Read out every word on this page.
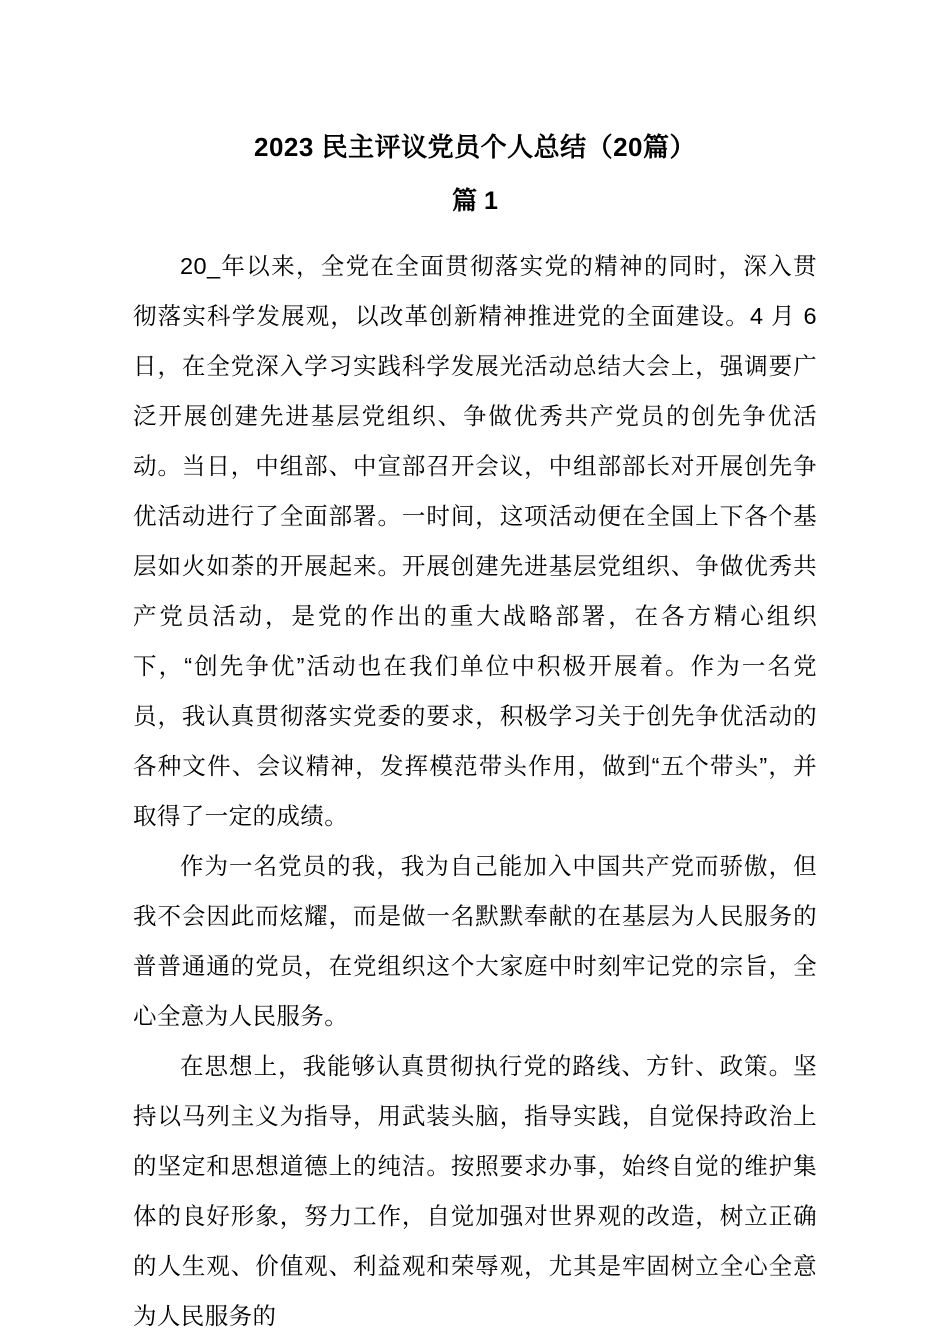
2023 民主评议党员个人总结（20篇）
篇 1

20_年以来，全党在全面贯彻落实党的精神的同时，深入贯彻落实科学发展观，以改革创新精神推进党的全面建设。4 月 6 日，在全党深入学习实践科学发展光活动总结大会上，强调要广泛开展创建先进基层党组织、争做优秀共产党员的创先争优活动。当日，中组部、中宣部召开会议，中组部部长对开展创先争优活动进行了全面部署。一时间，这项活动便在全国上下各个基层如火如荼的开展起来。开展创建先进基层党组织、争做优秀共产党员活动，是党的作出的重大战略部署，在各方精心组织下，“创先争优”活动也在我们单位中积极开展着。作为一名党员，我认真贯彻落实党委的要求，积极学习关于创先争优活动的各种文件、会议精神，发挥模范带头作用，做到“五个带头”，并取得了一定的成绩。

作为一名党员的我，我为自己能加入中国共产党而骄傲，但我不会因此而炫耀，而是做一名默默奉献的在基层为人民服务的普普通通的党员，在党组织这个大家庭中时刻牢记党的宗旨，全心全意为人民服务。

在思想上，我能够认真贯彻执行党的路线、方针、政策。坚持以马列主义为指导，用武装头脑，指导实践，自觉保持政治上的坚定和思想道德上的纯洁。按照要求办事，始终自觉的维护集体的良好形象，努力工作，自觉加强对世界观的改造，树立正确的人生观、价值观、利益观和荣辱观，尤其是牢固树立全心全意为人民服务的
